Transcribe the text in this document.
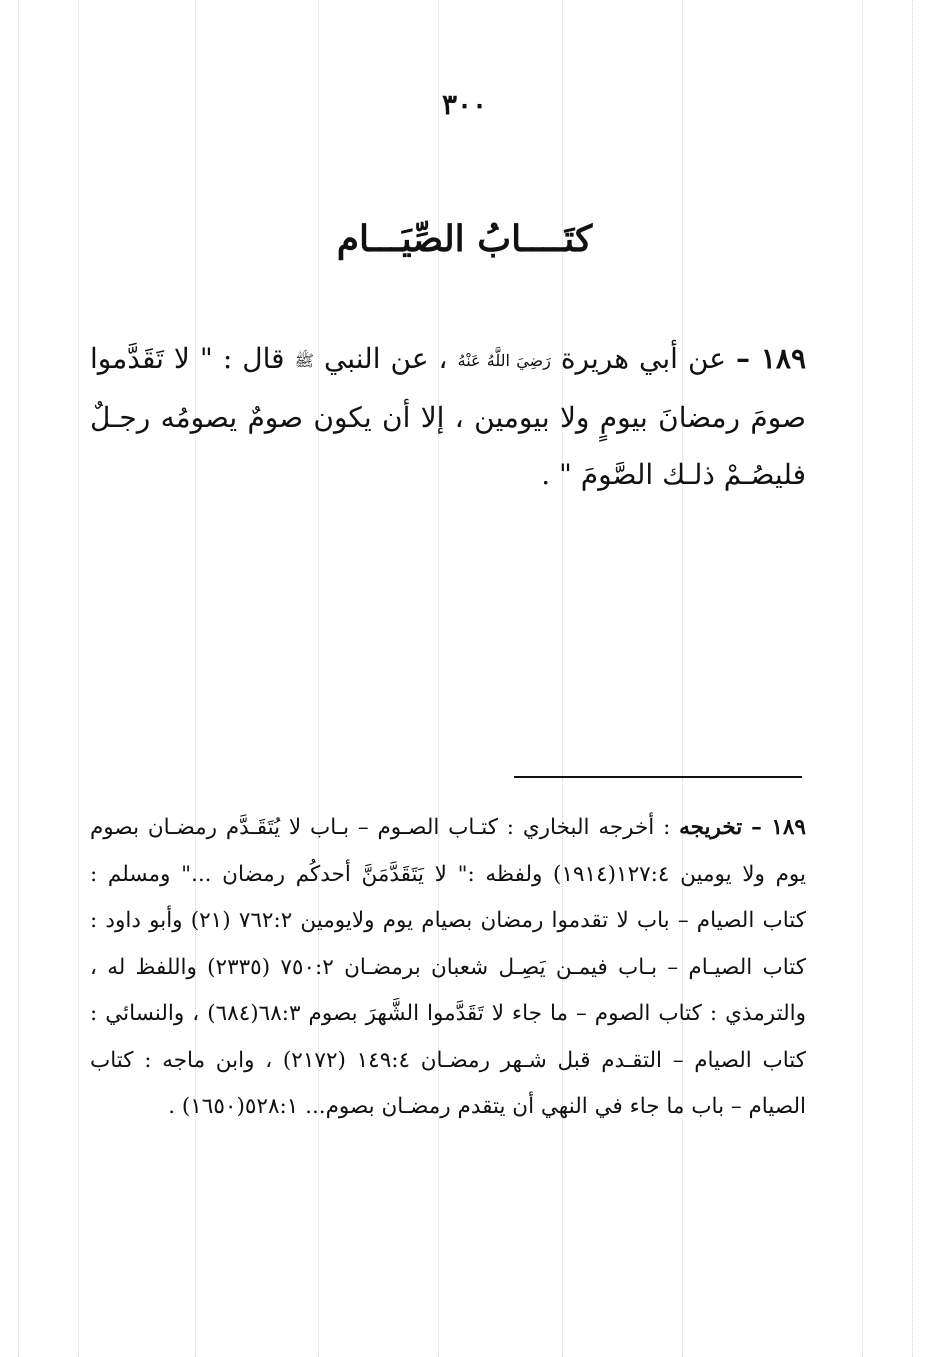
٣٠٠
كتَــــابُ الصِّيَـــام

١٨٩ – عن أبي هريرة رَضِيَ اللَّهُ عَنْهُ ، عن النبي ﷺ قال : " لا تَقَدَّموا صومَ رمضانَ بيومٍ ولا بيومين ، إلا أن يكون صومٌ يصومُه رجـلٌ فليصُـمْ ذلـك الصَّومَ " .

١٨٩ – تخريجه : أخرجه البخاري : كتـاب الصـوم – بـاب لا يُتَقَـدَّم رمضـان بصوم يوم ولا يومين ١٢٧:٤(١٩١٤) ولفظه :" لا يَتَقَدَّمَنَّ أحدكُم رمضان ..." ومسلم : كتاب الصيام – باب لا تقدموا رمضان بصيام يوم ولايومين ٧٦٢:٢ (٢١) وأبو داود : كتاب الصيـام – بـاب فيمـن يَصِـل شعبان برمضـان ٧٥٠:٢ (٢٣٣٥) واللفظ له ، والترمذي : كتاب الصوم – ما جاء لا تَقَدَّموا الشَّهرَ بصوم ٦٨:٣(٦٨٤) ، والنسائي : كتاب الصيام – التقـدم قبل شـهر رمضـان ١٤٩:٤ (٢١٧٢) ، وابن ماجه : كتاب الصيام – باب ما جاء في النهي أن يتقدم رمضـان بصوم... ٥٢٨:١(١٦٥٠) .
